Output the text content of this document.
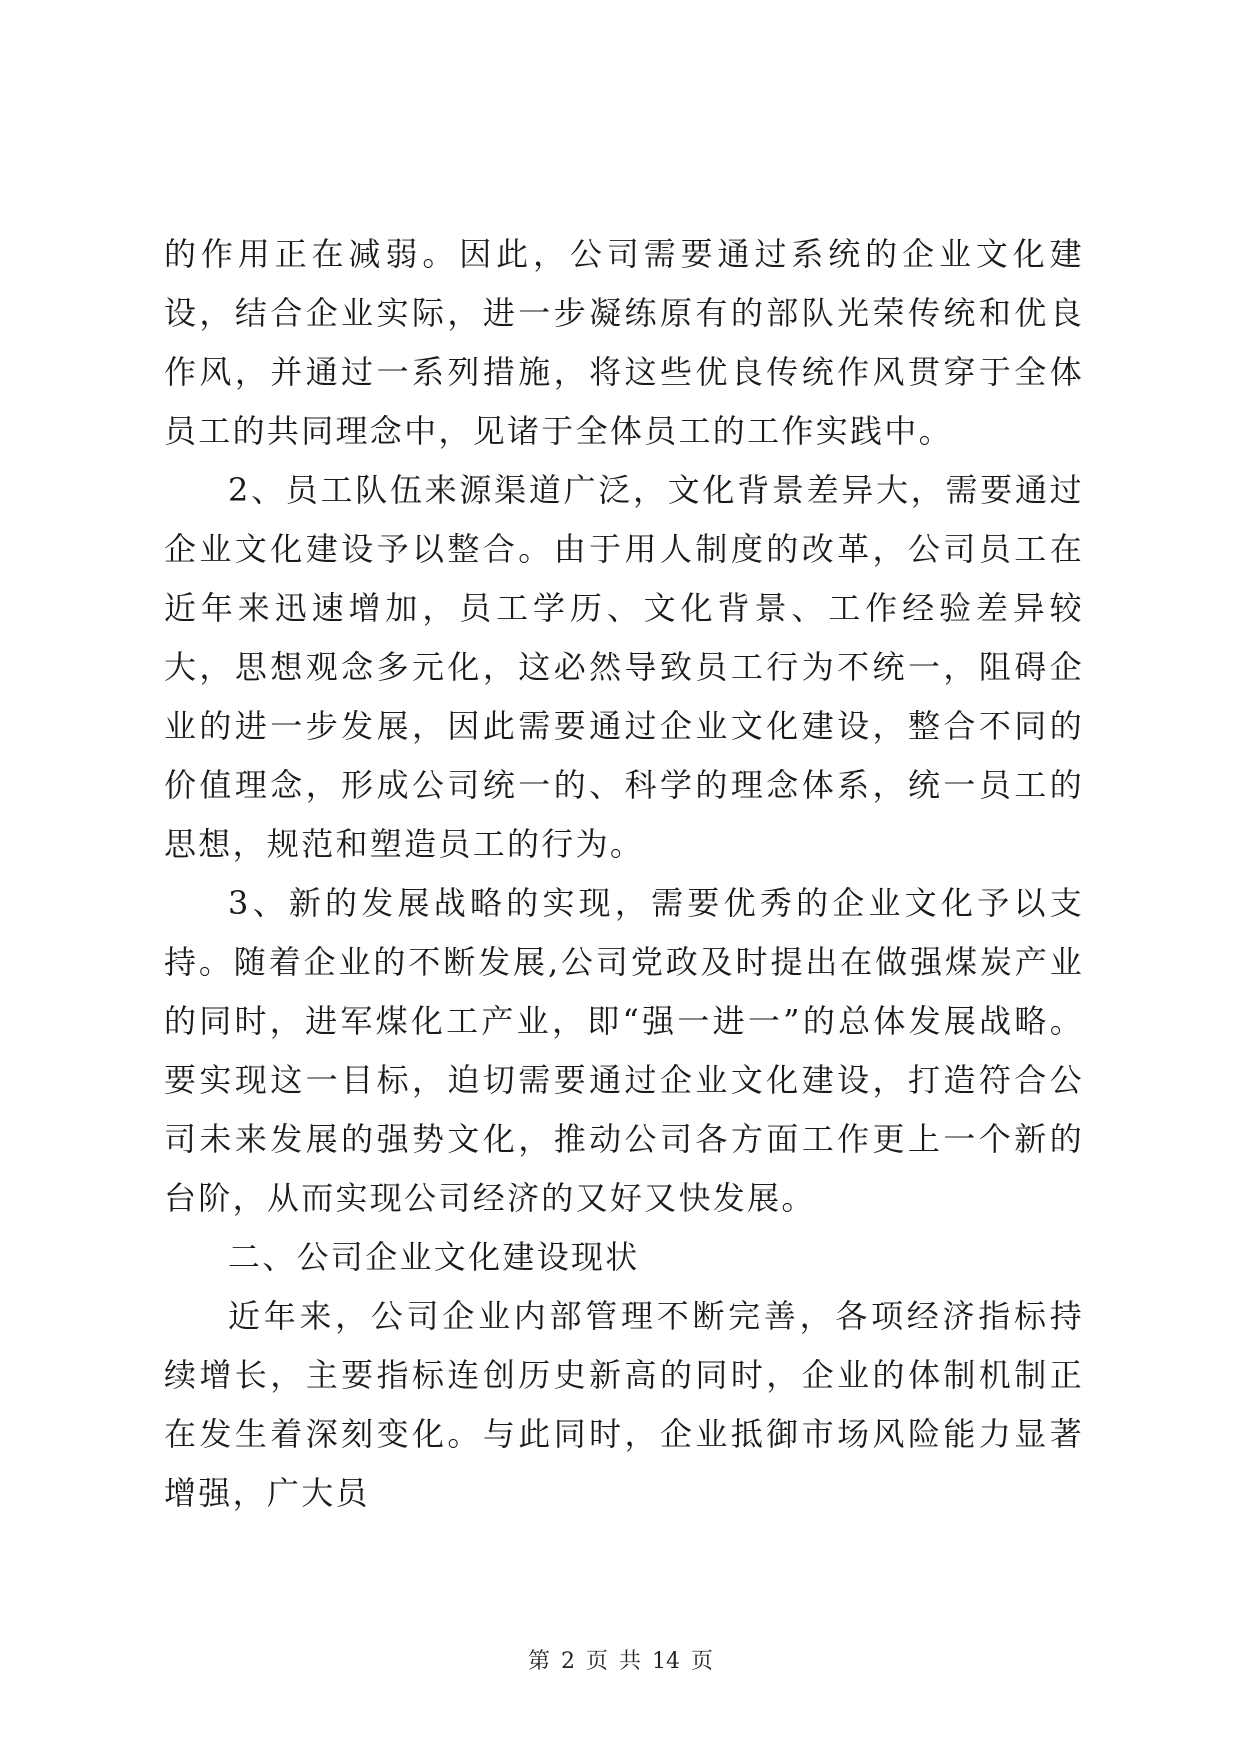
的作用正在减弱。因此，公司需要通过系统的企业文化建设，结合企业实际，进一步凝练原有的部队光荣传统和优良作风，并通过一系列措施，将这些优良传统作风贯穿于全体员工的共同理念中，见诸于全体员工的工作实践中。

2、员工队伍来源渠道广泛，文化背景差异大，需要通过企业文化建设予以整合。由于用人制度的改革，公司员工在近年来迅速增加，员工学历、文化背景、工作经验差异较大，思想观念多元化，这必然导致员工行为不统一，阻碍企业的进一步发展，因此需要通过企业文化建设，整合不同的价值理念，形成公司统一的、科学的理念体系，统一员工的思想，规范和塑造员工的行为。

3、新的发展战略的实现，需要优秀的企业文化予以支持。随着企业的不断发展,公司党政及时提出在做强煤炭产业的同时，进军煤化工产业，即“强一进一”的总体发展战略。要实现这一目标，迫切需要通过企业文化建设，打造符合公司未来发展的强势文化，推动公司各方面工作更上一个新的台阶，从而实现公司经济的又好又快发展。

二、公司企业文化建设现状

近年来，公司企业内部管理不断完善，各项经济指标持续增长，主要指标连创历史新高的同时，企业的体制机制正在发生着深刻变化。与此同时，企业抵御市场风险能力显著增强，广大员

第 2 页 共 14 页
